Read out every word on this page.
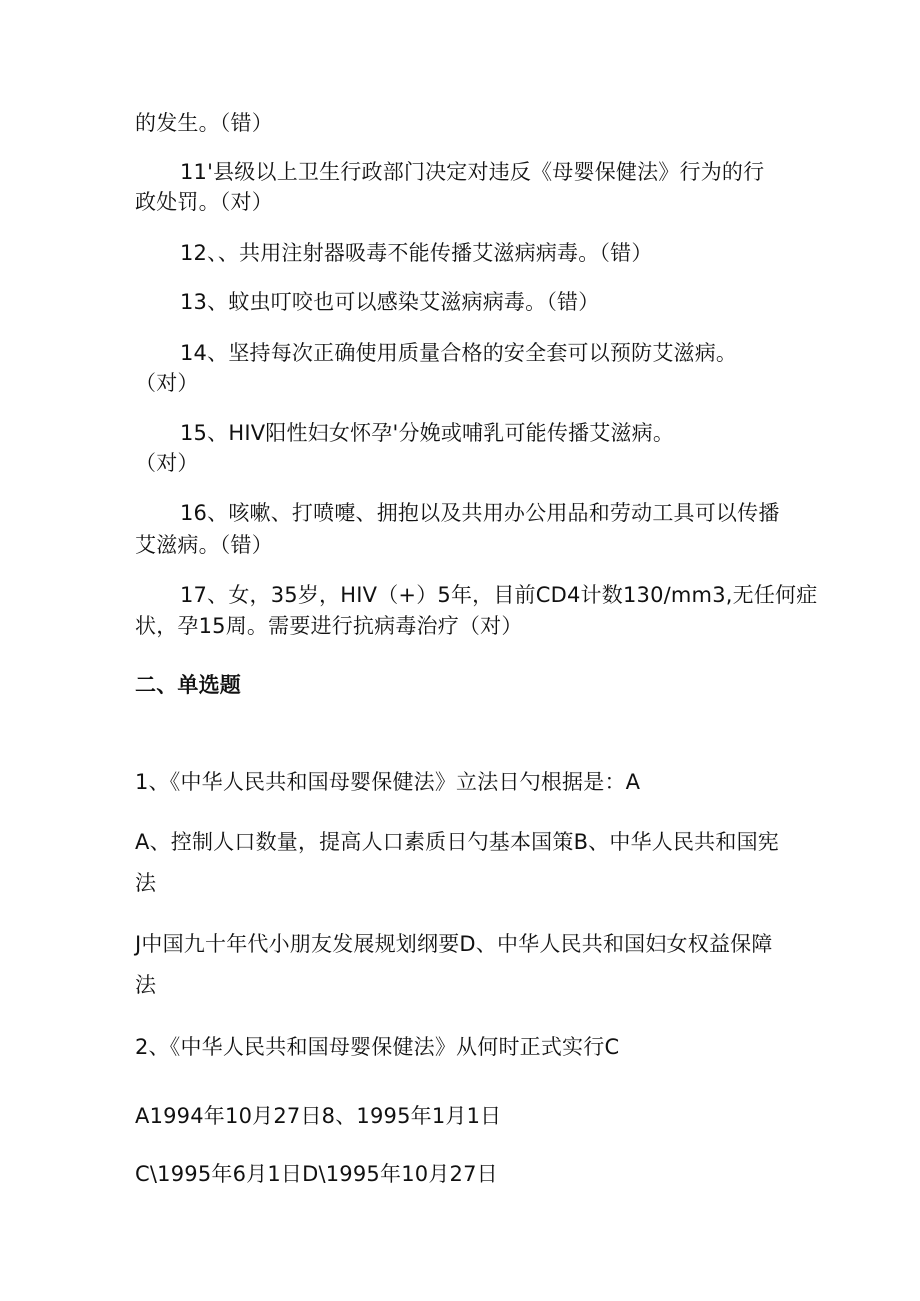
的发生。（错）
11'县级以上卫生行政部门决定对违反《母婴保健法》行为的行
政处罚。（对）
12、、共用注射器吸毒不能传播艾滋病病毒。（错）
13、蚊虫叮咬也可以感染艾滋病病毒。（错）
14、坚持每次正确使用质量合格的安全套可以预防艾滋病。
（对）
15、HIV阳性妇女怀孕'分娩或哺乳可能传播艾滋病。
（对）
16、咳嗽、打喷嚏、拥抱以及共用办公用品和劳动工具可以传播
艾滋病。（错）
17、女，35岁，HIV（+）5年，目前CD4计数130∕mm3,无任何症
状，孕15周。需要进行抗病毒治疗（对）
二、单选题
1、《中华人民共和国母婴保健法》立法日勺根据是：A
A、控制人口数量，提高人口素质日勺基本国策B、中华人民共和国宪
法
J中国九十年代小朋友发展规划纲要D、中华人民共和国妇女权益保障
法
2、《中华人民共和国母婴保健法》从何时正式实行C
A1994年10月27日8、1995年1月1日
C\1995年6月1日D\1995年10月27日
